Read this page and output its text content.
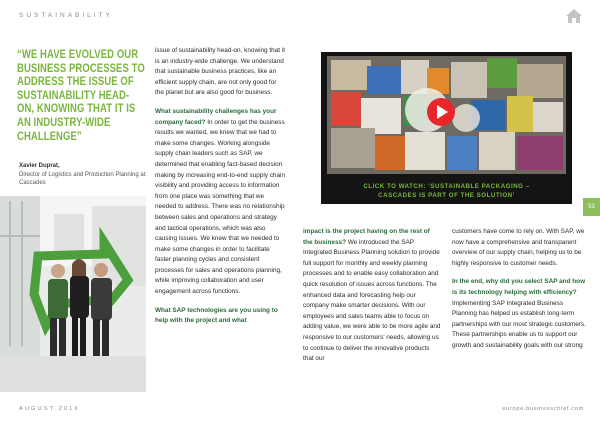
SUSTAINABILITY
“WE HAVE EVOLVED OUR BUSINESS PROCESSES TO ADDRESS THE ISSUE OF SUSTAINABILITY HEAD-ON, KNOWING THAT IT IS AN INDUSTRY-WIDE CHALLENGE”
Xavier Duprat,
Director of Logistics and Production Planning at Cascades

issue of sustainability head-on, knowing that it is an industry-wide challenge. We understand that sustainable business practices, like an efficient supply chain, are not only good for the planet but are also good for business.

What sustainability challenges has your company faced? In order to get the business results we wanted, we knew that we had to make some changes. Working alongside supply chain leaders such as SAP, we determined that enabling fact-based decision making by increasing end-to-end supply chain visibility and providing access to information from one place was something that we needed to address. There was no relationship between sales and operations and strategy and tactical operations, which was also causing issues. We knew that we needed to make some changes in order to facilitate faster planning cycles and consistent processes for sales and operations planning, while improving collaboration and user engagement across functions.

What SAP technologies are you using to help with the project and what

CLICK TO WATCH: ‘SUSTAINABLE PACKAGING –
CASCADES IS PART OF THE SOLUTION’
53

impact is the project having on the rest of the business? We introduced the SAP Integrated Business Planning solution to provide full support for monthly and weekly planning processes and to enable easy collaboration and quick resolution of issues across functions. The enhanced data and forecasting help our company make smarter decisions. With our employees and sales teams able to focus on adding value, we were able to be more agile and responsive to our customers’ needs, allowing us to continue to deliver the innovative products that our

customers have come to rely on. With SAP, we now have a comprehensive and transparent overview of our supply chain, helping us to be highly responsive to customer needs.

In the end, why did you select SAP and how is its technology helping with efficiency? Implementing SAP Integrated Business Planning has helped us establish long-term partnerships with our most strategic customers. These partnerships enable us to support our growth and sustainability goals with our strong

AUGUST 2019	europe.businesschief.com
